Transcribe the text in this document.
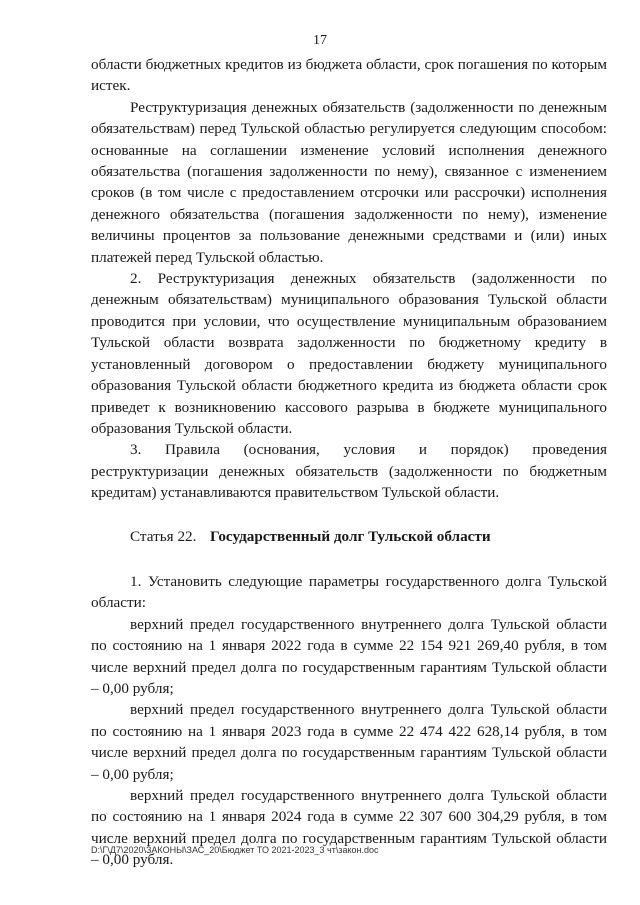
17

области бюджетных кредитов из бюджета области, срок погашения по которым истек.

Реструктуризация денежных обязательств (задолженности по денежным обязательствам) перед Тульской областью регулируется следующим способом: основанные на соглашении изменение условий исполнения денежного обязательства (погашения задолженности по нему), связанное с изменением сроков (в том числе с предоставлением отсрочки или рассрочки) исполнения денежного обязательства (погашения задолженности по нему), изменение величины процентов за пользование денежными средствами и (или) иных платежей перед Тульской областью.

2. Реструктуризация денежных обязательств (задолженности по денежным обязательствам) муниципального образования Тульской области проводится при условии, что осуществление муниципальным образованием Тульской области возврата задолженности по бюджетному кредиту в установленный договором о предоставлении бюджету муниципального образования Тульской области бюджетного кредита из бюджета области срок приведет к возникновению кассового разрыва в бюджете муниципального образования Тульской области.

3. Правила (основания, условия и порядок) проведения реструктуризации денежных обязательств (задолженности по бюджетным кредитам) устанавливаются правительством Тульской области.

Статья 22. Государственный долг Тульской области

1. Установить следующие параметры государственного долга Тульской области:

верхний предел государственного внутреннего долга Тульской области по состоянию на 1 января 2022 года в сумме 22 154 921 269,40 рубля, в том числе верхний предел долга по государственным гарантиям Тульской области – 0,00 рубля;

верхний предел государственного внутреннего долга Тульской области по состоянию на 1 января 2023 года в сумме 22 474 422 628,14 рубля, в том числе верхний предел долга по государственным гарантиям Тульской области – 0,00 рубля;

верхний предел государственного внутреннего долга Тульской области по состоянию на 1 января 2024 года в сумме 22 307 600 304,29 рубля, в том числе верхний предел долга по государственным гарантиям Тульской области – 0,00 рубля.

D:\Г\Д7\2020\ЗАКОНЫ\ЗАС_20\Бюджет ТО 2021-2023_3 чт\закон.doc
